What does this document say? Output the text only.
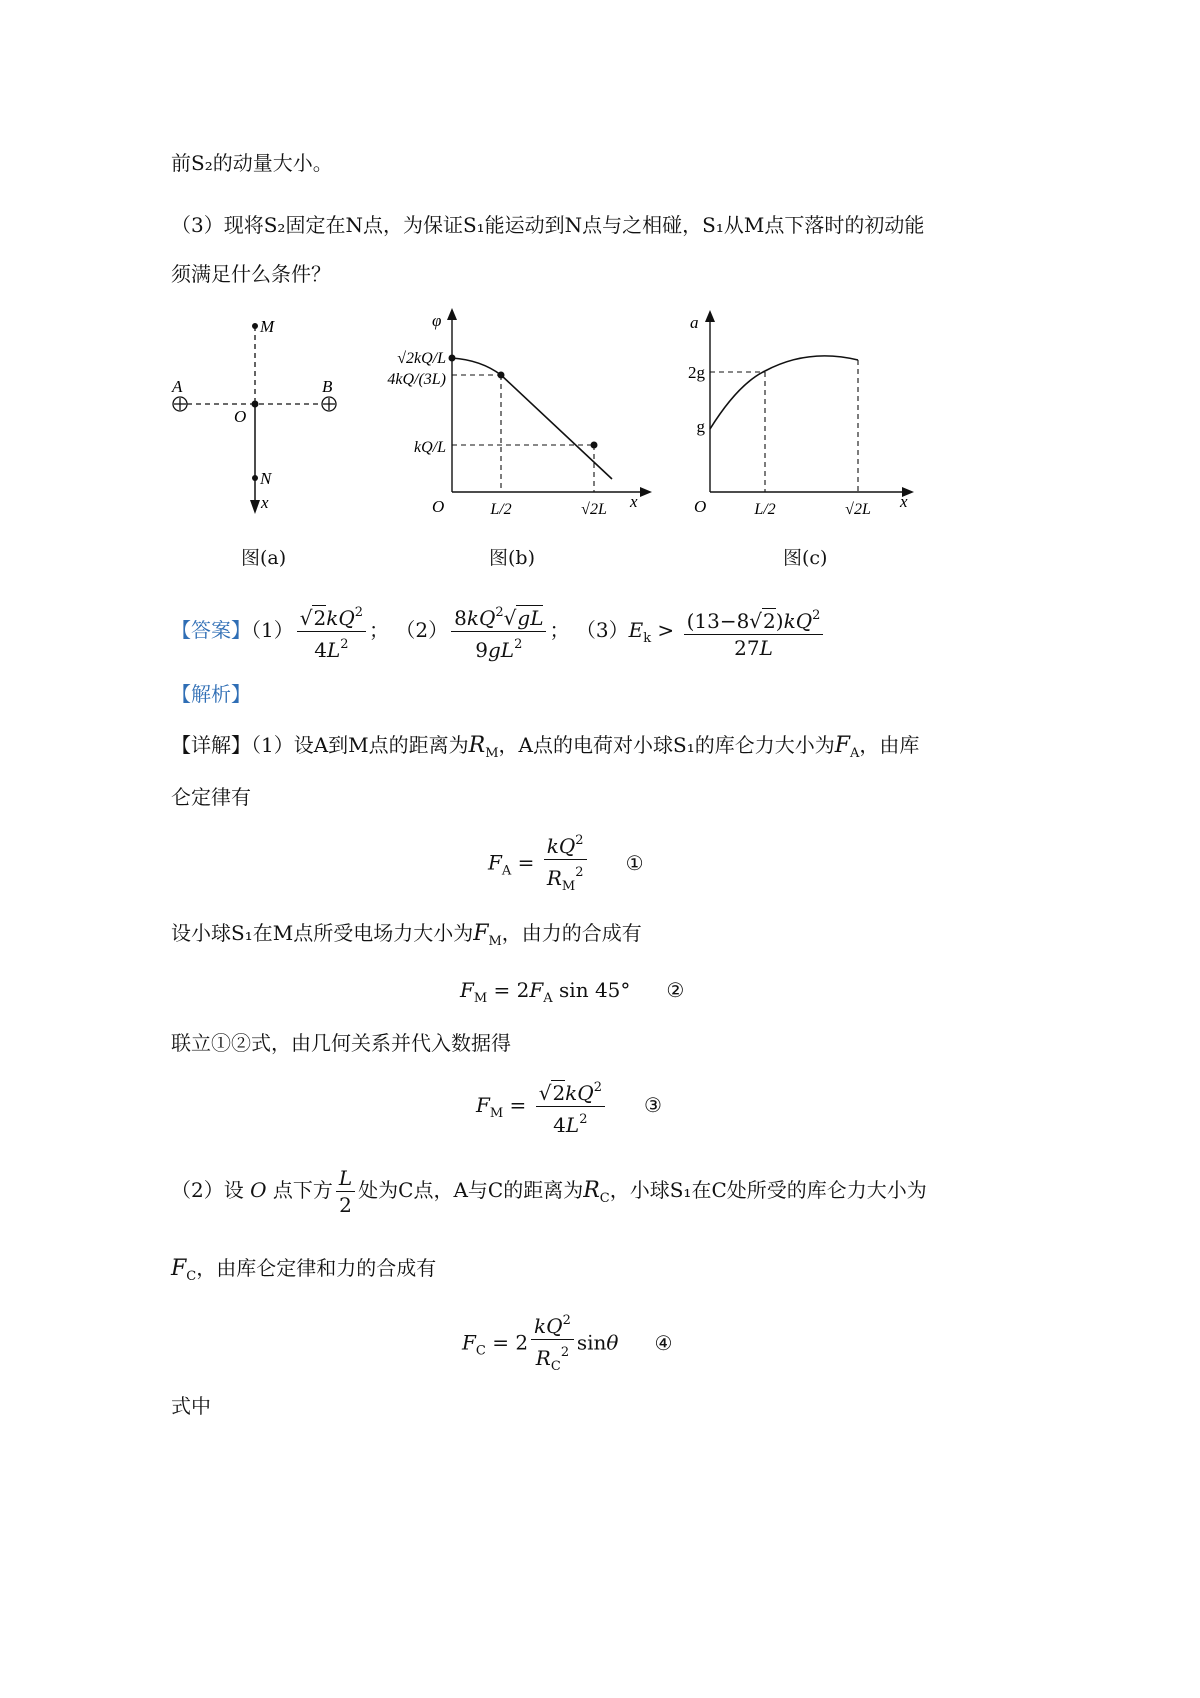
前S₂的动量大小。
（3）现将S₂固定在N点，为保证S₁能运动到N点与之相碰，S₁从M点下落时的初动能
须满足什么条件？
M
A	B
O
N
x
图(a)
φ
x
O
√2kQ/L
4kQ/(3L)
kQ/L
L/2	√2L
图(b)
a
x
O
2g
g
L/2	√2L
图(c)
【答案】$(1) \frac{√2kQ^2}{4L^2}$ ； $(2) \frac{8kQ^2√gL}{9gL^2}$ ； $(3)E_k > \frac{(13-8√2)kQ^2}{27L}$
【解析】
【详解】（1）设A到M点的距离为$R_M$，A点的电荷对小球S₁的库仑力大小为$F_A$，由库
仑定律有
$F_A = \frac{kQ^2}{R_M^2}$ ①
设小球S₁在M点所受电场力大小为$F_M$，由力的合成有
$F_M = 2F_A$ sin 45° ②
联立①②式，由几何关系并代入数据得
$F_M = \frac{√2kQ^2}{4L^2}$ ③
（2）设 O 点下方 $\frac{L}{2}$ 处为C点，A与C的距离为$R_C$，小球S₁在C处所受的库仑力大小为
$F_C$，由库仑定律和力的合成有
$F_C = 2 \frac{kQ^2}{R_C^2}$ sinθ ④
式中
